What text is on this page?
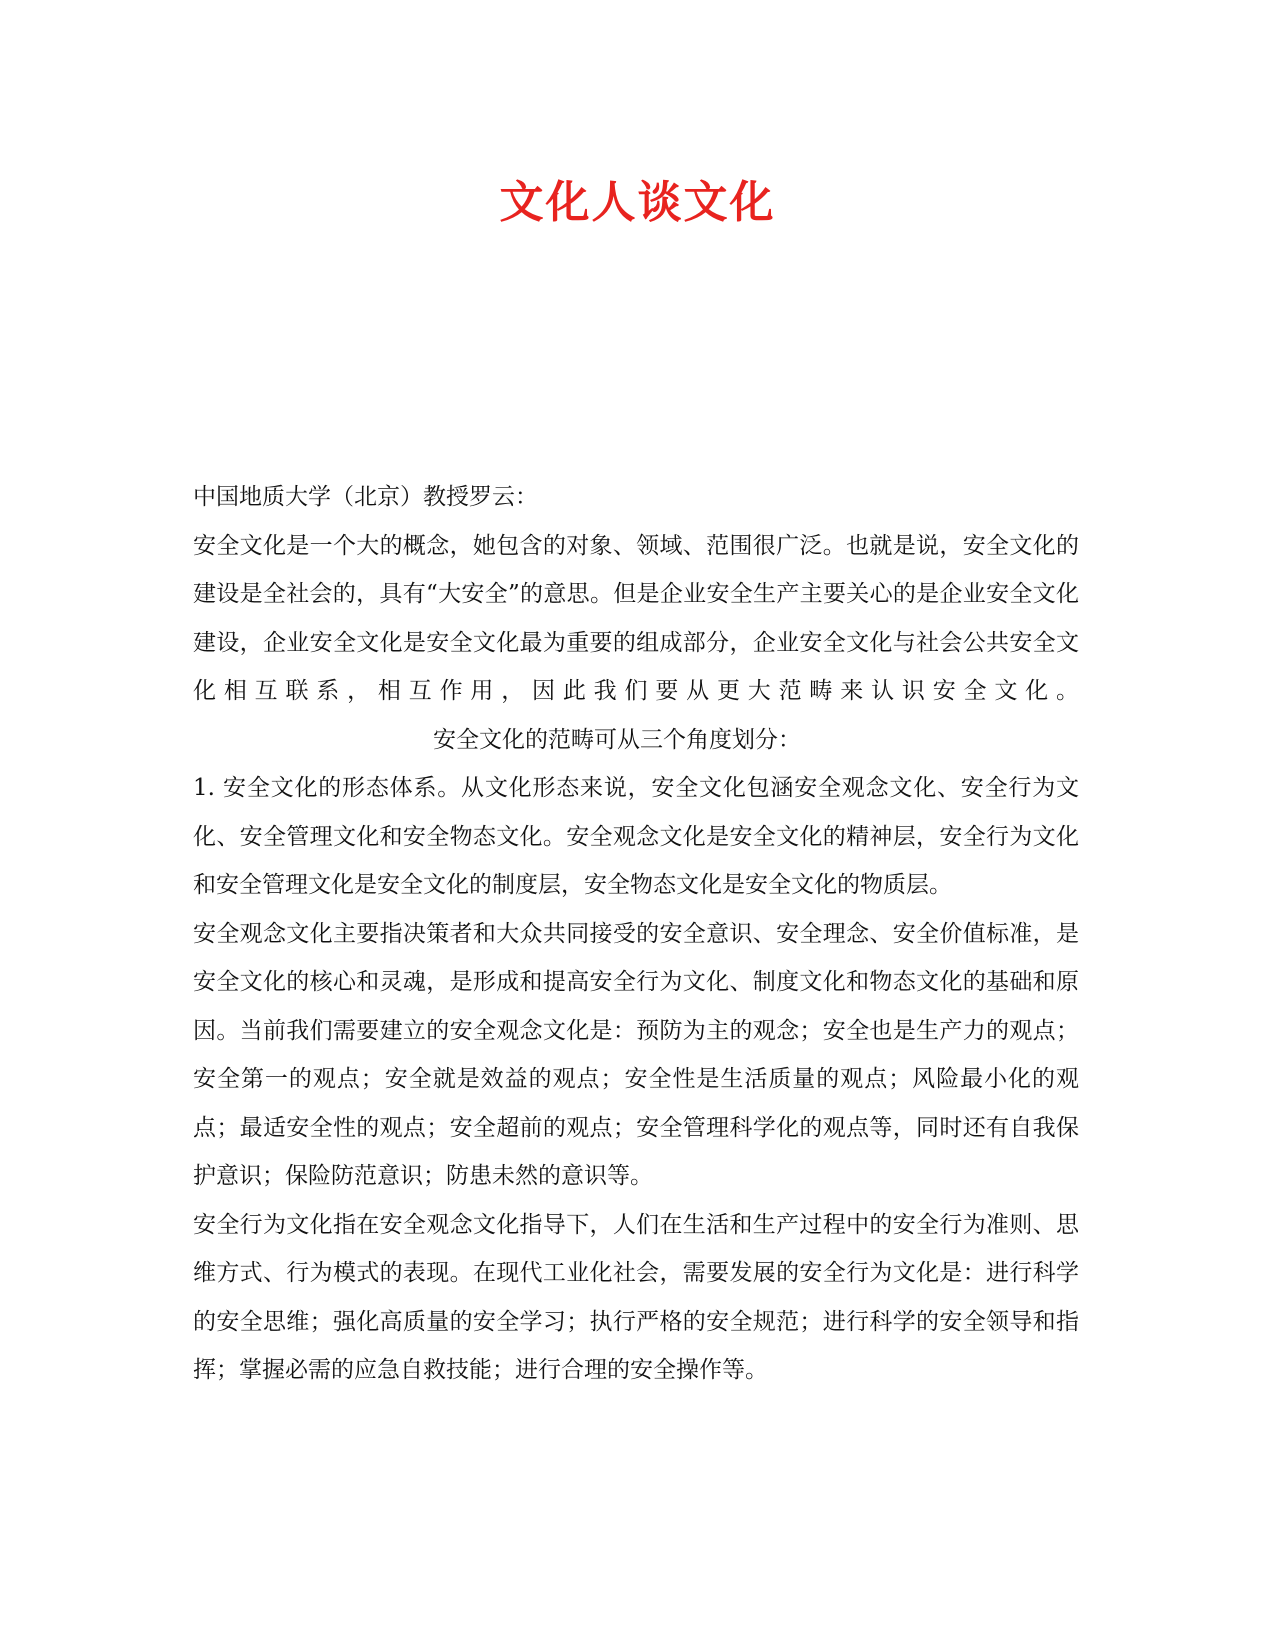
文化人谈文化

中国地质大学（北京）教授罗云：

安全文化是一个大的概念，她包含的对象、领域、范围很广泛。也就是说，安全文化的建设是全社会的，具有“大安全”的意思。但是企业安全生产主要关心的是企业安全文化建设，企业安全文化是安全文化最为重要的组成部分，企业安全文化与社会公共安全文化相互联系，相互作用，因此我们要从更大范畴来认识安全文化。安全文化的范畴可从三个角度划分：

1. 安全文化的形态体系。从文化形态来说，安全文化包涵安全观念文化、安全行为文化、安全管理文化和安全物态文化。安全观念文化是安全文化的精神层，安全行为文化和安全管理文化是安全文化的制度层，安全物态文化是安全文化的物质层。

安全观念文化主要指决策者和大众共同接受的安全意识、安全理念、安全价值标准，是安全文化的核心和灵魂，是形成和提高安全行为文化、制度文化和物态文化的基础和原因。当前我们需要建立的安全观念文化是：预防为主的观念；安全也是生产力的观点；安全第一的观点；安全就是效益的观点；安全性是生活质量的观点；风险最小化的观点；最适安全性的观点；安全超前的观点；安全管理科学化的观点等，同时还有自我保护意识；保险防范意识；防患未然的意识等。

安全行为文化指在安全观念文化指导下，人们在生活和生产过程中的安全行为准则、思维方式、行为模式的表现。在现代工业化社会，需要发展的安全行为文化是：进行科学的安全思维；强化高质量的安全学习；执行严格的安全规范；进行科学的安全领导和指挥；掌握必需的应急自救技能；进行合理的安全操作等。
